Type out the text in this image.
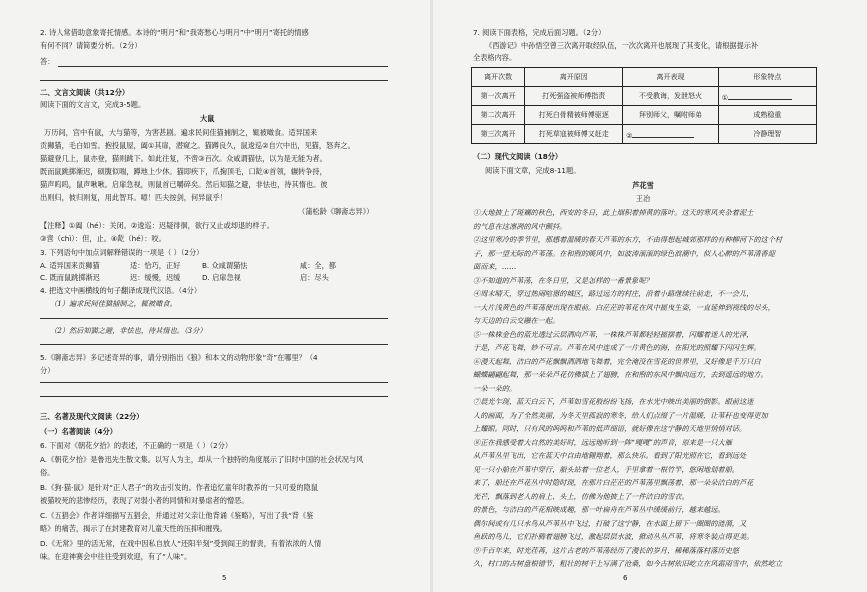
2. 诗人常借助意象寄托情感。本诗的“明月”和“我寄愁心与明月”中“明月”寄托的情感
有何不同？请简要分析。（2分）
答：
二、文言文阅读（共12分）
阅读下面的文言文，完成3-5题。
大鼠
万历间，宫中有鼠，大与猫等，为害甚剧。遍求民间佳猫捕制之，辄被噉食。适异国来
贡狮猫，毛白如雪。抱投鼠屋，阖①其扉，潜窥之。猫蹲良久，鼠逡巡②自穴中出，见猫，怒奔之。
猫避登几上，鼠亦登，猫则跳下。如此往复，不啻③百次。众咸谓猫怯，以为是无能为者。
既而鼠跳掷渐迟，硕腹似喘，蹲地上少休。猫即疾下，爪掬顶毛，口龁④首领，辗转争持，
猫声呜呜，鼠声啾啾。启扉急视，则鼠首已嚼碎矣。然后知猫之避，非怯也，待其惰也。彼
出则归，彼归则复，用此智耳。噫！匹夫按剑，何异鼠乎！
（蒲松龄《聊斋志异》）
【注释】①阖（hé）：关闭。②逡巡：迟疑徘徊，欲行又止或却退的样子。
③啻（chì）：但，止。④龁（hé）：咬。
3. 下列语句中加点词解释错误的一项是（ ）（2分）
A. 适异国来贡狮猫	适：恰巧，正好	B. 众咸谓猫怯	咸：全，都
C. 既而鼠跳掷渐迟	迟：缓慢，迟缓	D. 启扉急视	启：尽头
4. 把选文中画横线的句子翻译成现代汉语。（4分）
（1）遍求民间佳猫捕制之，辄被噉食。
（2）然后知猫之避，非怯也，待其惰也。（3分）
5.《聊斋志异》多记述奇异的事，请分别指出《狼》和本文的动物形象“奇”在哪里？（4
分）
三、名著及现代文阅读（22分）
（一）名著阅读（4分）
6. 下面对《朝花夕拾》的表述，不正确的一项是（ ）（2分）
A.《朝花夕拾》是鲁迅先生散文集。以写人为主，却从一个独特的角度展示了旧时中国的社会状况与风
俗。
B.《狗·猫·鼠》是针对“正人君子”的攻击引发的。作者追忆童年时教养的一只可爱的隐鼠
被猫咬死的悲惨经历，表现了对弱小者的同情和对暴虐者的憎恶。
C.《五猖会》作者详细描写五猖会，并通过对父亲让他背诵《鉴略》，写出了我“背《鉴
略》的痛苦，揭示了在封建教育对儿童天性的压抑和摧残。
D.《无常》里的活无常，在戏中因私自放人“还阳半刻”受到阎王的督责，有着浓浓的人情
味。在迎神赛会中往往受到欢迎，有了“人味”。
5
7. 阅读下面表格，完成后面习题。（2分）
《西游记》中孙悟空曾三次离开取经队伍，一次次离开也展现了其变化，请根据提示补
全表格内容。
离开次数	离开原因	离开表现	形象特点
第一次离开	打死强盗被师傅指责	不受教诲，发泄怒火	①
第二次离开	打死白骨精被师傅驱逐	拜别师父，嘱咐师弟	成熟稳重
第三次离开	打死草寇被师傅又赶走	②	冷静理智
（二）现代文阅读（18分）
阅读下面文章，完成8-11题。
芦花雪
王冶
①大地披上了斑斓的秋色，西安的冬日，此上烟积着掉黄的落叶。这天的寒风夹杂着泥土
的气息在这凛冽的风中颤抖。
②这里寒冷的季节里，那感着温暖的春天芦苇的东方，不由得想起城郊那样的有种柳河下的这个村
子，那一望无际的芦苇荡。在和煦的暖风中，如波涛滚滚的绿色浪潮中，似人心醉的芦苇清香迎
面而来，……
③不知道的芦苇荡，在冬日里，又是怎样的一番景象呢？
④周末晴天，穿过热闹喧嚣的城区，路过远方的村庄，沿着小路继续往前走，不一会儿，
一大片浅黄色的芦苇荡便出现在眼前。白茫茫的苇花在风中摇曳生姿，一直延伸到视线的尽头，
与天边的白云交融在一起。
⑤一株株金色的蓝光透过云层洒向芦苇，一株株芦苇都轻轻摇摆着，闪耀着迷人的光泽，
于是，芦花飞舞，妙不可言。芦苇在风中连成了一片黄色的海，在阳光的照耀下闪闪生辉。
⑥漫天起舞，洁白的芦花飘飘洒洒地飞舞着，完全淹没在雪花的世界里，又好像是千万只白
蝴蝶翩翩起舞，那一朵朵芦花仿佛插上了翅膀，在和煦的东风中飘向远方，去到遥远的地方。
一朵一朵的。
⑦晨光乍现，蓝天白云下，芦苇如雪花般纷纷飞扬，在水光中映出美丽的倒影。眼前这迷
人的画面，为了全然美丽，为冬天里孤寂的寒冬，给人们点缀了一片温暖，让苇秆也变得更加
上耀眼。同时，只有风的呜呜和芦苇的低声细语，就好像在这宁静的天地里悄悄对话。
⑧正在我感受着大自然的美好时，远远地听到一阵“嘎嘎”的声音，原来是一只大雁
从芦苇丛里飞出，它在蓝天中自由地翱翔着，那么快乐。看到了阳光照在它，看到远处
见一只小船在芦苇中穿行，船头站着一位老人，手里拿着一根竹竿，悠闲地划着船。
来了，船还在芦花丛中时隐时现，在那片白茫茫的芦苇荡里飘荡着，那一朵朵洁白的芦花
光芒，飘落到老人的肩上、头上，仿佛为他披上了一件洁白的雪衣。
的景色，与洁白的芦花相映成趣，那一叶扁舟在芦苇丛中缓缓前行，越来越远。
偶尔间或有几只水鸟从芦苇丛中飞过，打破了这宁静，在水面上留下一圈圈的涟漪，又
鱼跃的鸟儿，它们扑腾着翅膀飞过，激起层层水波，掀动丛丛芦苇，将寒冬装点得更美。
⑨千百年来，时光荏苒，这片古老的芦苇荡经历了漫长的岁月，稀稀落落村落历史悠
久，村口的古树盘根错节，粗壮的树干上写满了沧桑，如今古树依旧屹立在风霜雨雪中，依然屹立
6
